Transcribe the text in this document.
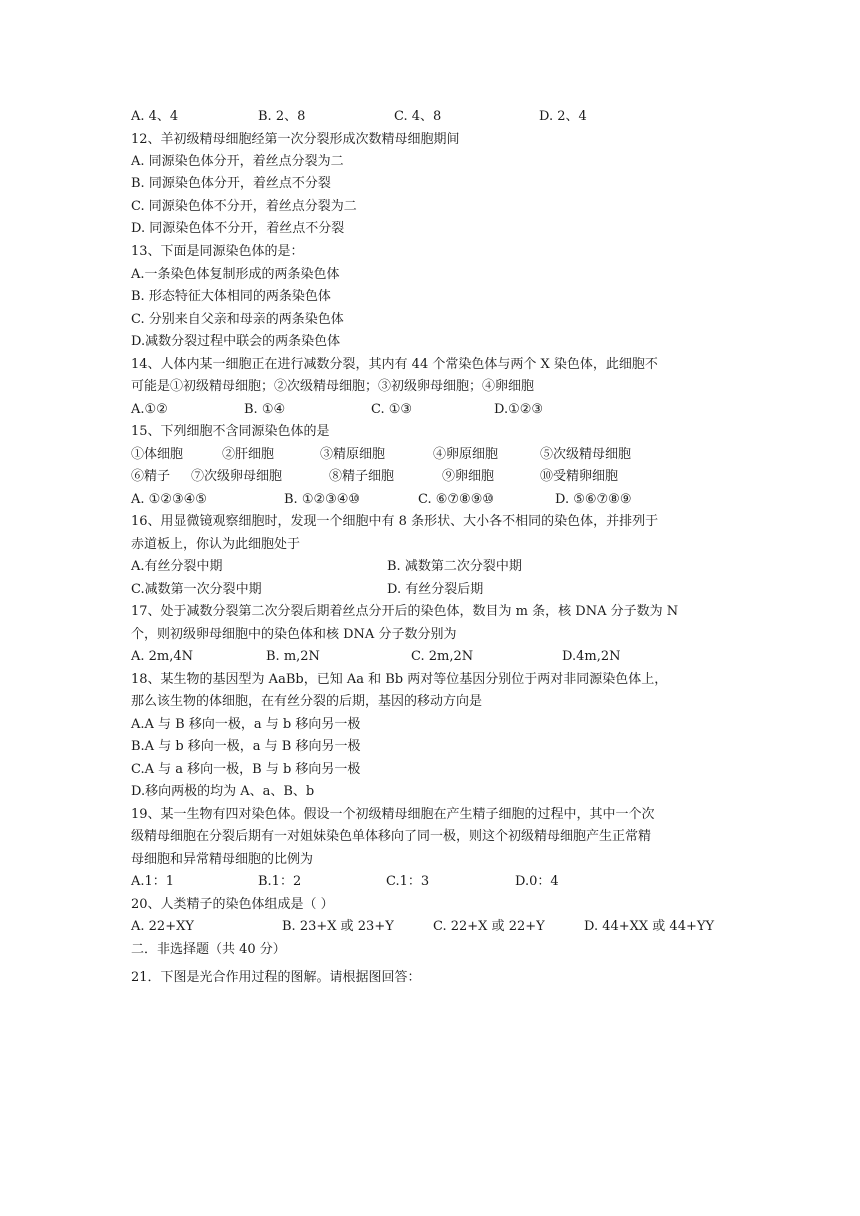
A. 4、4	B. 2、8	C. 4、8	D. 2、4
12、羊初级精母细胞经第一次分裂形成次数精母细胞期间
A. 同源染色体分开，着丝点分裂为二
B. 同源染色体分开，着丝点不分裂
C. 同源染色体不分开，着丝点分裂为二
D. 同源染色体不分开，着丝点不分裂
13、下面是同源染色体的是：
A.一条染色体复制形成的两条染色体
B. 形态特征大体相同的两条染色体
C. 分别来自父亲和母亲的两条染色体
D.减数分裂过程中联会的两条染色体
14、人体内某一细胞正在进行减数分裂，其内有 44 个常染色体与两个 X 染色体，此细胞不
可能是①初级精母细胞；②次级精母细胞；③初级卵母细胞；④卵细胞
A.①②	B. ①④	C. ①③	D.①②③
15、下列细胞不含同源染色体的是
①体细胞	②肝细胞	③精原细胞	④卵原细胞	⑤次级精母细胞
⑥精子 ⑦次级卵母细胞	⑧精子细胞	⑨卵细胞	⑩受精卵细胞
A. ①②③④⑤	B. ①②③④⑩	C. ⑥⑦⑧⑨⑩	D. ⑤⑥⑦⑧⑨
16、用显微镜观察细胞时，发现一个细胞中有 8 条形状、大小各不相同的染色体，并排列于
赤道板上，你认为此细胞处于
A.有丝分裂中期	B. 减数第二次分裂中期
C.减数第一次分裂中期	D. 有丝分裂后期
17、处于减数分裂第二次分裂后期着丝点分开后的染色体，数目为 m 条，核 DNA 分子数为 N
个，则初级卵母细胞中的染色体和核 DNA 分子数分别为
A. 2m,4N	B. m,2N	C. 2m,2N	D.4m,2N
18、某生物的基因型为 AaBb，已知 Aa 和 Bb 两对等位基因分别位于两对非同源染色体上，
那么该生物的体细胞，在有丝分裂的后期，基因的移动方向是
A.A 与 B 移向一极，a 与 b 移向另一极
B.A 与 b 移向一极，a 与 B 移向另一极
C.A 与 a 移向一极，B 与 b 移向另一极
D.移向两极的均为 A、a、B、b
19、某一生物有四对染色体。假设一个初级精母细胞在产生精子细胞的过程中，其中一个次
级精母细胞在分裂后期有一对姐妹染色单体移向了同一极，则这个初级精母细胞产生正常精
母细胞和异常精母细胞的比例为
A.1：1	B.1：2	C.1：3	D.0：4
20、人类精子的染色体组成是（ ）
A. 22+XY	B. 23+X 或 23+Y	C. 22+X 或 22+Y	D. 44+XX 或 44+YY
二．非选择题（共 40 分）
21．下图是光合作用过程的图解。请根据图回答：
